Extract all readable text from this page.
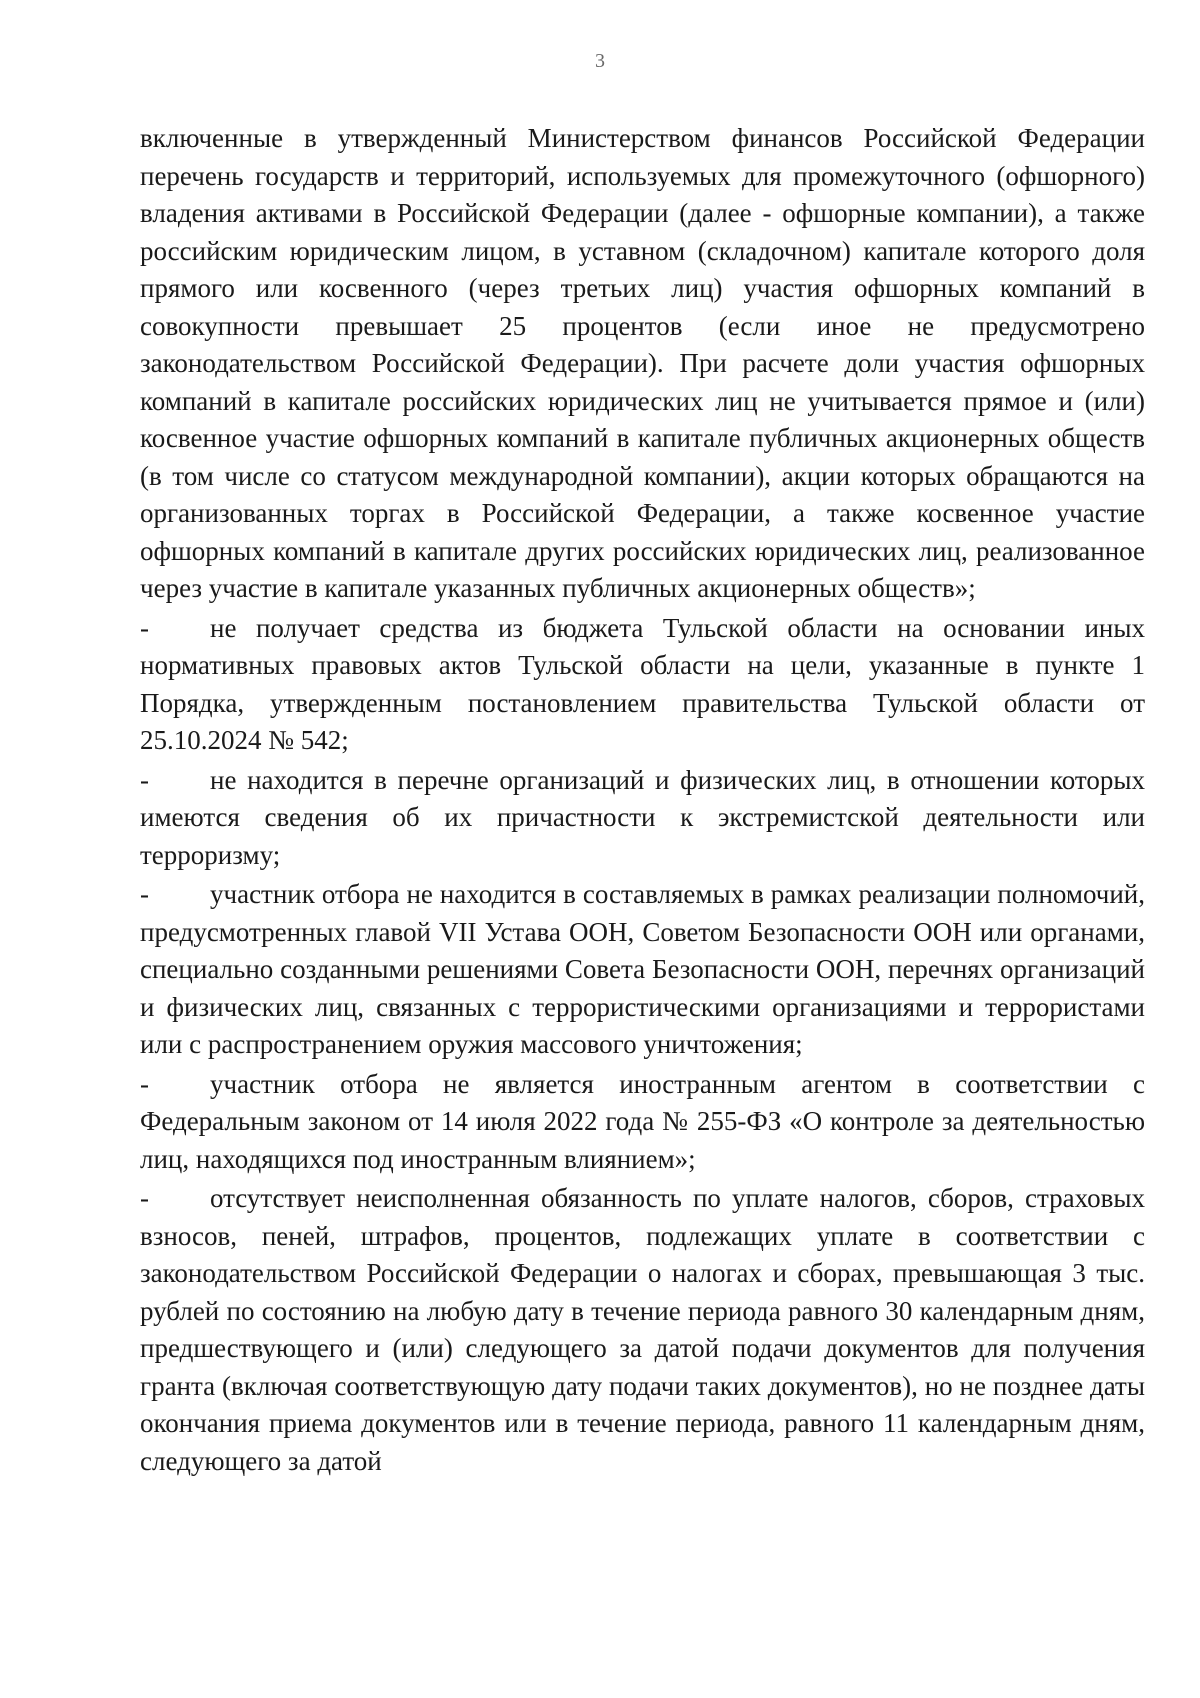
3

включенные в утвержденный Министерством финансов Российской Федерации перечень государств и территорий, используемых для промежуточного (офшорного) владения активами в Российской Федерации (далее - офшорные компании), а также российским юридическим лицом, в уставном (складочном) капитале которого доля прямого или косвенного (через третьих лиц) участия офшорных компаний в совокупности превышает 25 процентов (если иное не предусмотрено законодательством Российской Федерации). При расчете доли участия офшорных компаний в капитале российских юридических лиц не учитывается прямое и (или) косвенное участие офшорных компаний в капитале публичных акционерных обществ (в том числе со статусом международной компании), акции которых обращаются на организованных торгах в Российской Федерации, а также косвенное участие офшорных компаний в капитале других российских юридических лиц, реализованное через участие в капитале указанных публичных акционерных обществ»;

- не получает средства из бюджета Тульской области на основании иных нормативных правовых актов Тульской области на цели, указанные в пункте 1 Порядка, утвержденным постановлением правительства Тульской области от 25.10.2024 № 542;

- не находится в перечне организаций и физических лиц, в отношении которых имеются сведения об их причастности к экстремистской деятельности или терроризму;

- участник отбора не находится в составляемых в рамках реализации полномочий, предусмотренных главой VII Устава ООН, Советом Безопасности ООН или органами, специально созданными решениями Совета Безопасности ООН, перечнях организаций и физических лиц, связанных с террористическими организациями и террористами или с распространением оружия массового уничтожения;

- участник отбора не является иностранным агентом в соответствии с Федеральным законом от 14 июля 2022 года № 255-ФЗ «О контроле за деятельностью лиц, находящихся под иностранным влиянием»;

- отсутствует неисполненная обязанность по уплате налогов, сборов, страховых взносов, пеней, штрафов, процентов, подлежащих уплате в соответствии с законодательством Российской Федерации о налогах и сборах, превышающая 3 тыс. рублей по состоянию на любую дату в течение периода равного 30 календарным дням, предшествующего и (или) следующего за датой подачи документов для получения гранта (включая соответствующую дату подачи таких документов), но не позднее даты окончания приема документов или в течение периода, равного 11 календарным дням, следующего за датой
